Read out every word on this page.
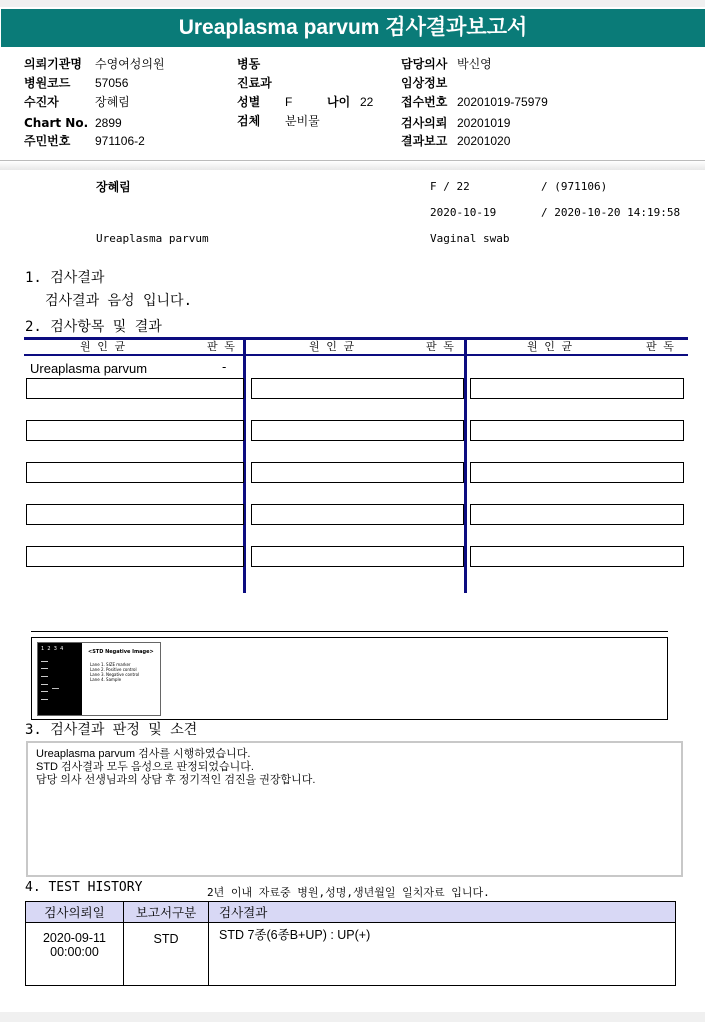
Ureaplasma parvum 검사결과보고서
의뢰기관명 수영여성의원
병원코드 57056
수진자	장혜림
Chart No. 2899
주민번호 971106-2
병동
진료과
성별 F	나이 22
검체 분비물
담당의사 박신영
임상정보
접수번호 20201019-75979
검사의뢰 20201019
결과보고 20201020
장혜림	F / 22	/ (971106)
2020-10-19	/ 2020-10-20 14:19:58
Ureaplasma parvum	Vaginal swab
1. 검사결과
검사결과 음성 입니다.
2. 검사항목 및 결과
원 인 균	판 독	원 인 균	판 독	원 인 균	판 독
Ureaplasma parvum	-
1  2  3  4	<STD Negative Image>
Lane 1. SIZE marker
Lane 2. Positive control
Lane 3. Negative control
Lane 4. Sample
3. 검사결과 판정 및 소견
Ureaplasma parvum 검사를 시행하였습니다.
STD 검사결과 모두 음성으로 판정되었습니다.
담당 의사 선생님과의 상담 후 정기적인 검진을 권장합니다.
4. TEST HISTORY	2년 이내 자료중 병원,성명,생년월일 일치자료 입니다.
검사의뢰일	보고서구분	검사결과

2020-09-11
00:00:00	STD	STD 7종(6종B+UP) : UP(+)
